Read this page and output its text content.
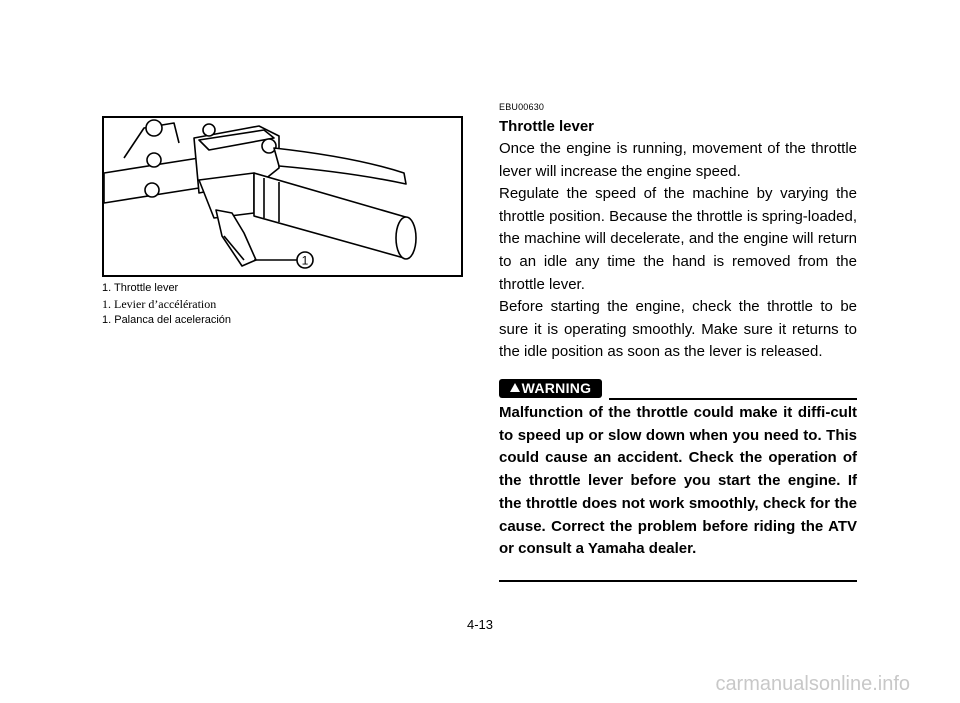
1
1. Throttle lever
1. Levier d’accélération
1. Palanca del aceleración
EBU00630
Throttle lever

Once the engine is running, movement of the throttle lever will increase the engine speed.

Regulate the speed of the machine by varying the throttle position. Because the throttle is spring-loaded, the machine will decelerate, and the engine will return to an idle any time the hand is removed from the throttle lever.

Before starting the engine, check the throttle to be sure it is operating smoothly. Make sure it returns to the idle position as soon as the lever is released.

WARNING

Malfunction of the throttle could make it diffi-cult to speed up or slow down when you need to. This could cause an accident. Check the operation of the throttle lever before you start the engine. If the throttle does not work smoothly, check for the cause. Correct the problem before riding the ATV or consult a Yamaha dealer.

4-13
carmanualsonline.info
